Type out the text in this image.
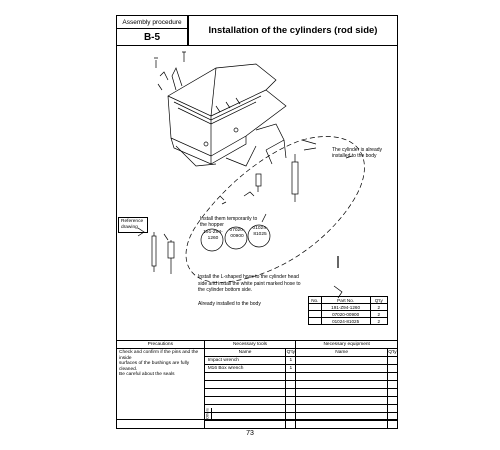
Assembly procedure
B-5
Installation of the cylinders (rod side)
The cylinder is already installed to the body
Install them temporarily to the hopper
Reference drawing
191-Z94-
1260
07020-
00900
01024-
81025
Install the L-shaped hose to the cylinder head
side and install the white paint marked hose to
the cylinder bottom side.
Already installed to the body
No.	Part No.	Q'ty
	191-Z94-1260	2
	07020-00900	2
	01024-81025	2
Precautions	Necessary tools		Necessary equipment	

Check and confirm if the pins and the inside
surfaces of the bushings are fully cleaned.
Be careful about the seals	Name	Q'ty	Name	Q'ty
	Impact wrench	1		
	M16 Box wrench	1		

Others
73
